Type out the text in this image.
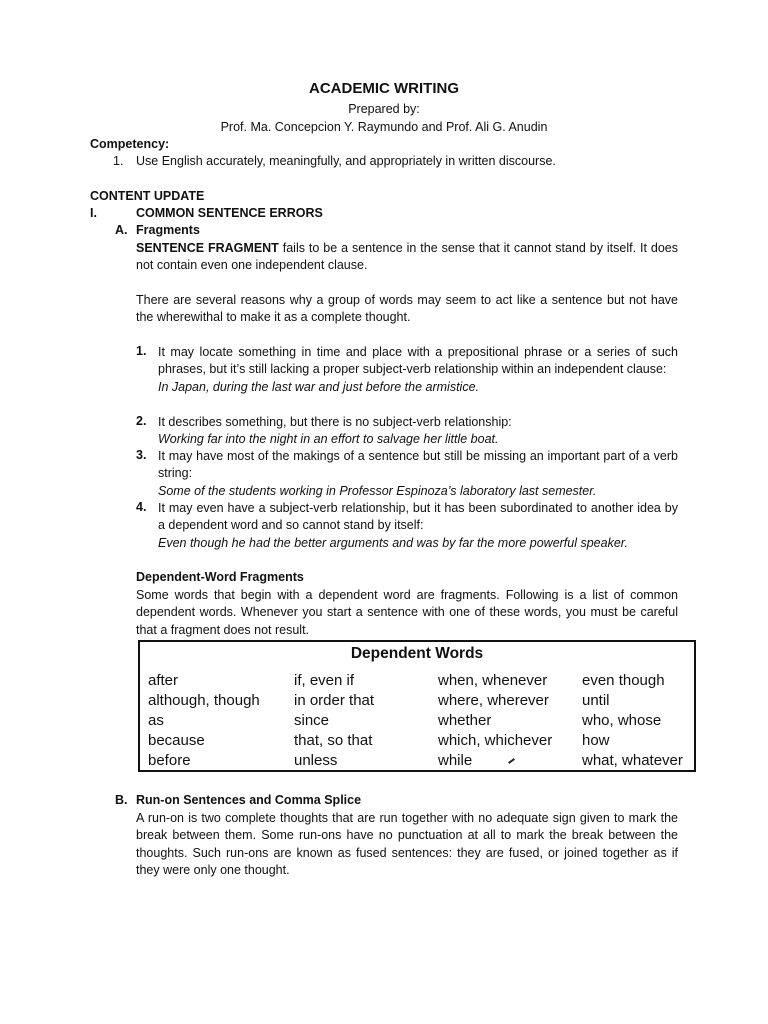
ACADEMIC WRITING
Prepared by:
Prof. Ma. Concepcion Y. Raymundo and Prof. Ali G. Anudin
Competency:
1. Use English accurately, meaningfully, and appropriately in written discourse.
CONTENT UPDATE
I.	COMMON SENTENCE ERRORS
A. Fragments
SENTENCE FRAGMENT fails to be a sentence in the sense that it cannot stand by itself. It does not contain even one independent clause.
There are several reasons why a group of words may seem to act like a sentence but not have the wherewithal to make it as a complete thought.
1. It may locate something in time and place with a prepositional phrase or a series of such phrases, but it’s still lacking a proper subject-verb relationship within an independent clause:
In Japan, during the last war and just before the armistice.
2. It describes something, but there is no subject-verb relationship:
Working far into the night in an effort to salvage her little boat.
3. It may have most of the makings of a sentence but still be missing an important part of a verb string:
Some of the students working in Professor Espinoza’s laboratory last semester.
4. It may even have a subject-verb relationship, but it has been subordinated to another idea by a dependent word and so cannot stand by itself:
Even though he had the better arguments and was by far the more powerful speaker.
Dependent-Word Fragments
Some words that begin with a dependent word are fragments. Following is a list of common dependent words. Whenever you start a sentence with one of these words, you must be careful that a fragment does not result.
Dependent Words
after
although, though
as
because
before
if, even if
in order that
since
that, so that
unless
when, whenever
where, wherever
whether
which, whichever
while
even though
until
who, whose
how
what, whatever
B. Run-on Sentences and Comma Splice
A run-on is two complete thoughts that are run together with no adequate sign given to mark the break between them. Some run-ons have no punctuation at all to mark the break between the thoughts. Such run-ons are known as fused sentences: they are fused, or joined together as if they were only one thought.
